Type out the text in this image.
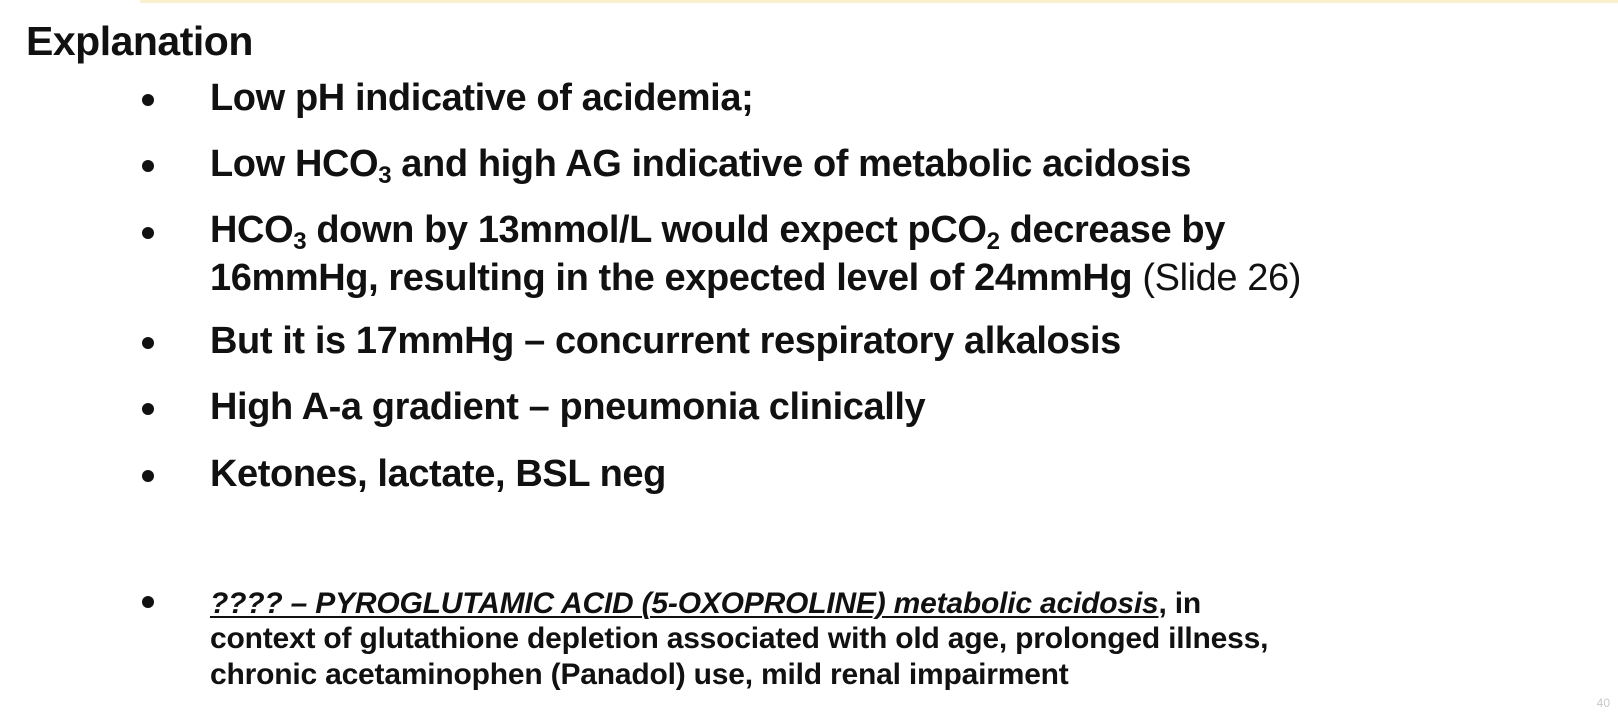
Explanation
Low pH indicative of acidemia;
Low $HCO_3$ and high AG indicative of metabolic acidosis
$HCO_3$ down by 13mmol/L would expect pCO$_2$ decrease by
16mmHg, resulting in the expected level of 24mmHg (Slide 26)
But it is 17mmHg – concurrent respiratory alkalosis
High A-a gradient – pneumonia clinically
Ketones, lactate, BSL neg
???? – PYROGLUTAMIC ACID (5-OXOPROLINE) metabolic acidosis, in
context of glutathione depletion associated with old age, prolonged illness,
chronic acetaminophen (Panadol) use, mild renal impairment
40
